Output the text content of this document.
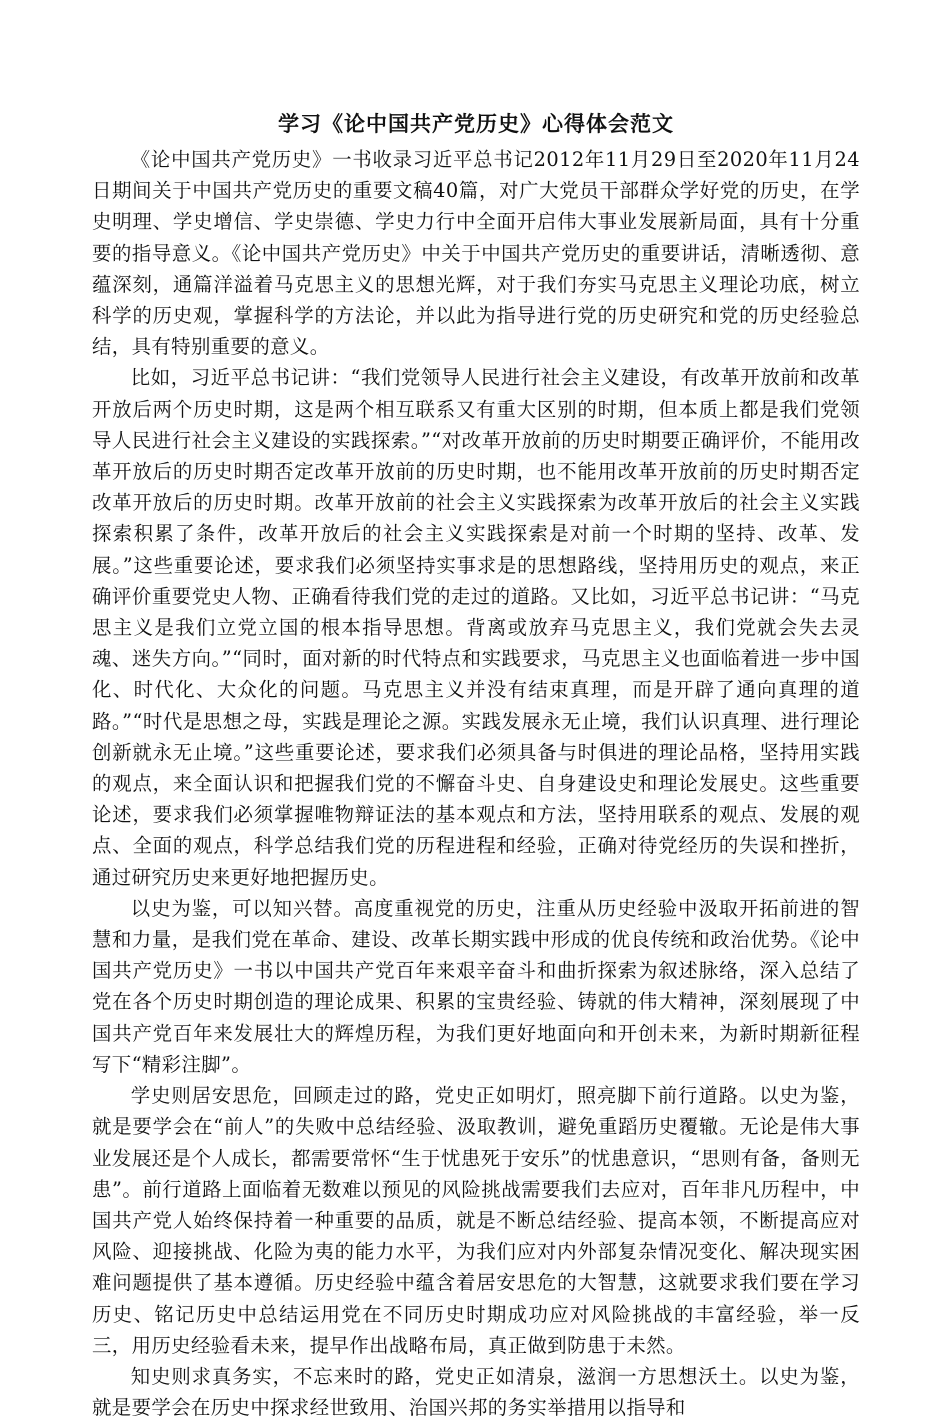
学习《论中国共产党历史》心得体会范文

《论中国共产党历史》一书收录习近平总书记2012年11月29日至2020年11月24日期间关于中国共产党历史的重要文稿40篇，对广大党员干部群众学好党的历史，在学史明理、学史增信、学史崇德、学史力行中全面开启伟大事业发展新局面，具有十分重要的指导意义。《论中国共产党历史》中关于中国共产党历史的重要讲话，清晰透彻、意蕴深刻，通篇洋溢着马克思主义的思想光辉，对于我们夯实马克思主义理论功底，树立科学的历史观，掌握科学的方法论，并以此为指导进行党的历史研究和党的历史经验总结，具有特别重要的意义。

比如，习近平总书记讲：“我们党领导人民进行社会主义建设，有改革开放前和改革开放后两个历史时期，这是两个相互联系又有重大区别的时期，但本质上都是我们党领导人民进行社会主义建设的实践探索。”“对改革开放前的历史时期要正确评价，不能用改革开放后的历史时期否定改革开放前的历史时期，也不能用改革开放前的历史时期否定改革开放后的历史时期。改革开放前的社会主义实践探索为改革开放后的社会主义实践探索积累了条件，改革开放后的社会主义实践探索是对前一个时期的坚持、改革、发展。”这些重要论述，要求我们必须坚持实事求是的思想路线，坚持用历史的观点，来正确评价重要党史人物、正确看待我们党的走过的道路。又比如，习近平总书记讲：“马克思主义是我们立党立国的根本指导思想。背离或放弃马克思主义，我们党就会失去灵魂、迷失方向。”“同时，面对新的时代特点和实践要求，马克思主义也面临着进一步中国化、时代化、大众化的问题。马克思主义并没有结束真理，而是开辟了通向真理的道路。”“时代是思想之母，实践是理论之源。实践发展永无止境，我们认识真理、进行理论创新就永无止境。”这些重要论述，要求我们必须具备与时俱进的理论品格，坚持用实践的观点，来全面认识和把握我们党的不懈奋斗史、自身建设史和理论发展史。这些重要论述，要求我们必须掌握唯物辩证法的基本观点和方法，坚持用联系的观点、发展的观点、全面的观点，科学总结我们党的历程进程和经验，正确对待党经历的失误和挫折，通过研究历史来更好地把握历史。

以史为鉴，可以知兴替。高度重视党的历史，注重从历史经验中汲取开拓前进的智慧和力量，是我们党在革命、建设、改革长期实践中形成的优良传统和政治优势。《论中国共产党历史》一书以中国共产党百年来艰辛奋斗和曲折探索为叙述脉络，深入总结了党在各个历史时期创造的理论成果、积累的宝贵经验、铸就的伟大精神，深刻展现了中国共产党百年来发展壮大的辉煌历程，为我们更好地面向和开创未来，为新时期新征程写下“精彩注脚”。

学史则居安思危，回顾走过的路，党史正如明灯，照亮脚下前行道路。以史为鉴，就是要学会在“前人”的失败中总结经验、汲取教训，避免重蹈历史覆辙。无论是伟大事业发展还是个人成长，都需要常怀“生于忧患死于安乐”的忧患意识，“思则有备，备则无患”。前行道路上面临着无数难以预见的风险挑战需要我们去应对，百年非凡历程中，中国共产党人始终保持着一种重要的品质，就是不断总结经验、提高本领，不断提高应对风险、迎接挑战、化险为夷的能力水平，为我们应对内外部复杂情况变化、解决现实困难问题提供了基本遵循。历史经验中蕴含着居安思危的大智慧，这就要求我们要在学习历史、铭记历史中总结运用党在不同历史时期成功应对风险挑战的丰富经验，举一反三，用历史经验看未来，提早作出战略布局，真正做到防患于未然。

知史则求真务实，不忘来时的路，党史正如清泉，滋润一方思想沃土。以史为鉴，就是要学会在历史中探求经世致用、治国兴邦的务实举措用以指导和
